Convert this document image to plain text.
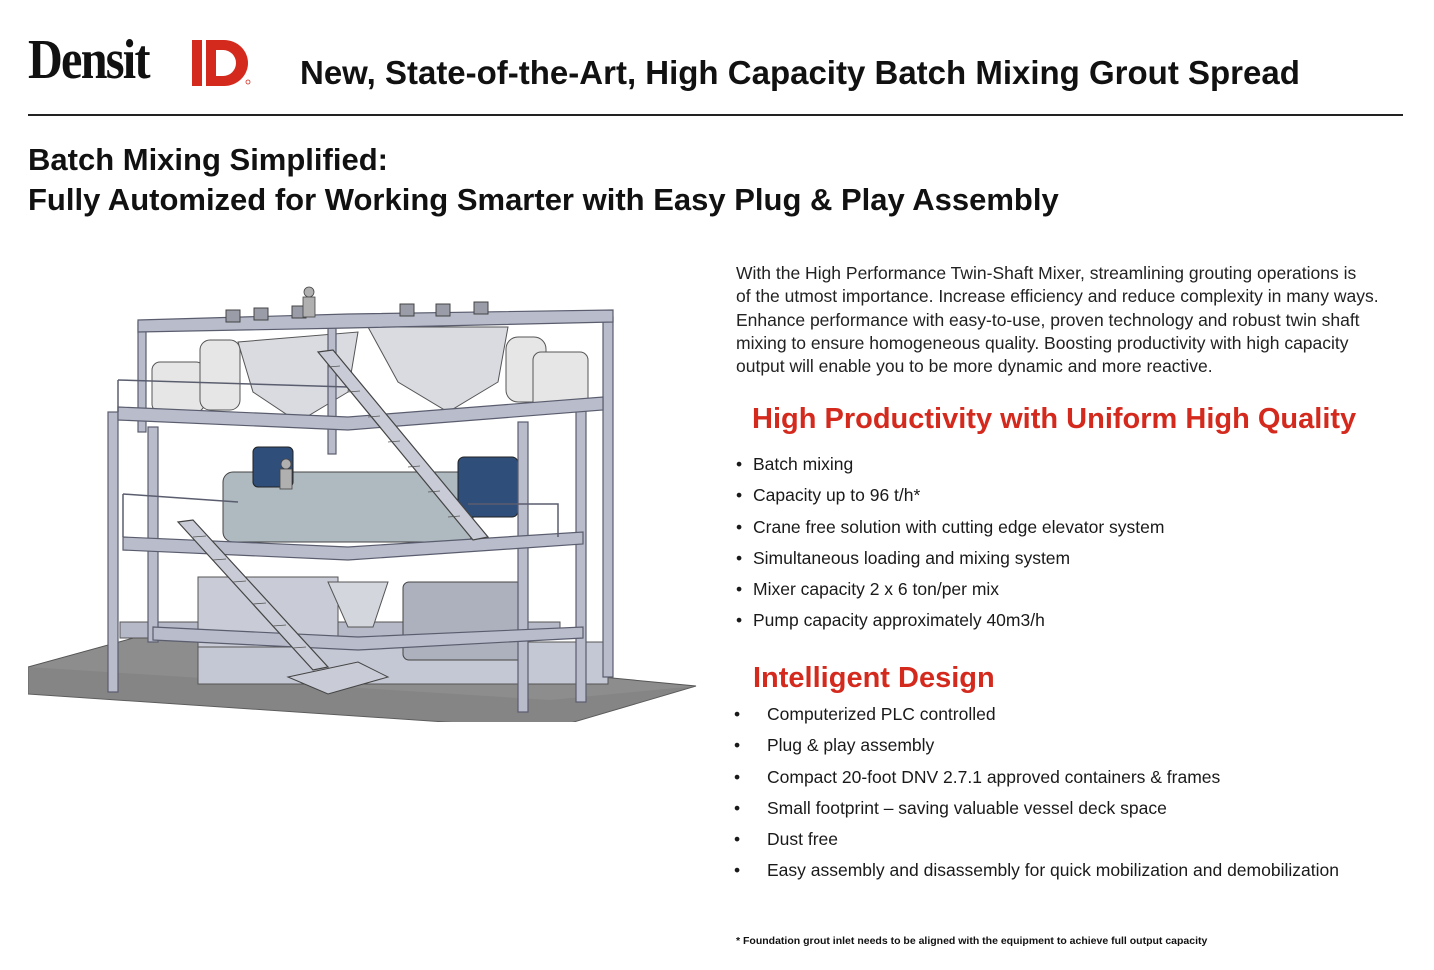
Densit	New, State-of-the-Art, High Capacity Batch Mixing Grout Spread
Batch Mixing Simplified:
Fully Automized for Working Smarter with Easy Plug & Play Assembly
With the High Performance Twin-Shaft Mixer, streamlining grouting operations is
of the utmost importance. Increase efficiency and reduce complexity in many ways.
Enhance performance with easy-to-use, proven technology and robust twin shaft
mixing to ensure homogeneous quality. Boosting productivity with high capacity
output will enable you to be more dynamic and more reactive.
High Productivity with Uniform High Quality
• Batch mixing
• Capacity up to 96 t/h*
• Crane free solution with cutting edge elevator system
• Simultaneous loading and mixing system
• Mixer capacity 2 x 6 ton/per mix
• Pump capacity approximately 40m3/h
Intelligent Design
•	Computerized PLC controlled
•	Plug & play assembly
•	Compact 20-foot DNV 2.7.1 approved containers & frames
•	Small footprint – saving valuable vessel deck space
•	Dust free
•	Easy assembly and disassembly for quick mobilization and demobilization
* Foundation grout inlet needs to be aligned with the equipment to achieve full output capacity
